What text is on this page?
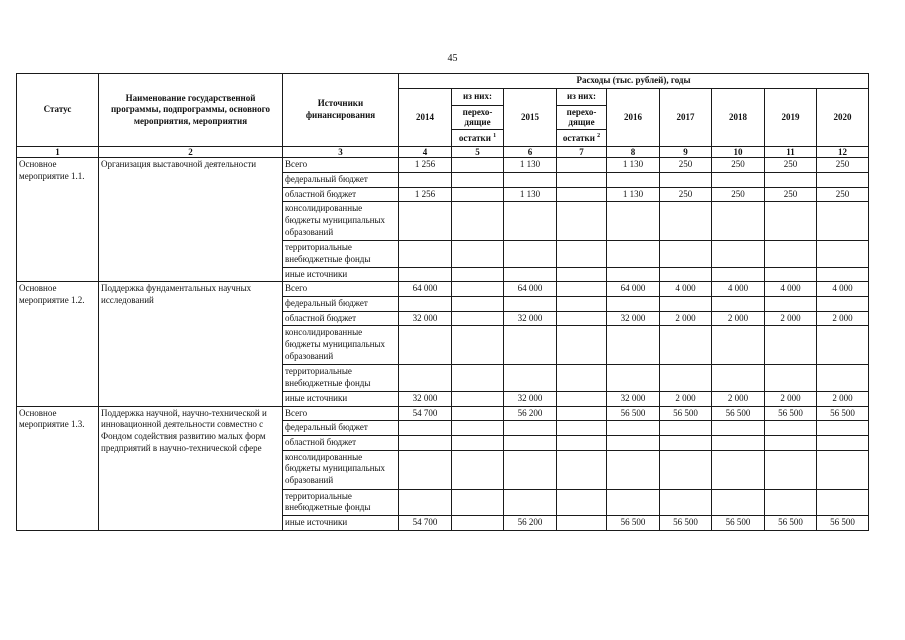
45
Статус	Наименование государственной программы, подпрограммы, основного мероприятия, мероприятия	Источники финансирования	Расходы (тыс. рублей), годы								
			2014	из них:	2015	из них:	2016	2017	2018	2019	2020
				перехо-дящие		перехо-дящие					
				остатки $^1$		остатки $^2$
1	2	3	4	5	6	7	8	9	10	11	12
Основное мероприятие 1.1.	Организация выставочной деятельности	Всего	1 256		1 130		1 130	250	250	250	250
		федеральный бюджет									
		областной бюджет	1 256		1 130		1 130	250	250	250	250
		консолидированные бюджеты муниципальных образований									
		территориальные внебюджетные фонды									
		иные источники									
Основное мероприятие 1.2.	Поддержка фундаментальных научных исследований	Всего	64 000		64 000		64 000	4 000	4 000	4 000	4 000
		федеральный бюджет									
		областной бюджет	32 000		32 000		32 000	2 000	2 000	2 000	2 000
		консолидированные бюджеты муниципальных образований									
		территориальные внебюджетные фонды									
		иные источники	32 000		32 000		32 000	2 000	2 000	2 000	2 000
Основное мероприятие 1.3.	Поддержка научной, научно-технической и инновационной деятельности совместно с Фондом содействия развитию малых форм предприятий в научно-технической сфере	Всего	54 700		56 200		56 500	56 500	56 500	56 500	56 500
		федеральный бюджет									
		областной бюджет									
		консолидированные бюджеты муниципальных образований									
		территориальные внебюджетные фонды									
		иные источники	54 700		56 200		56 500	56 500	56 500	56 500	56 500
